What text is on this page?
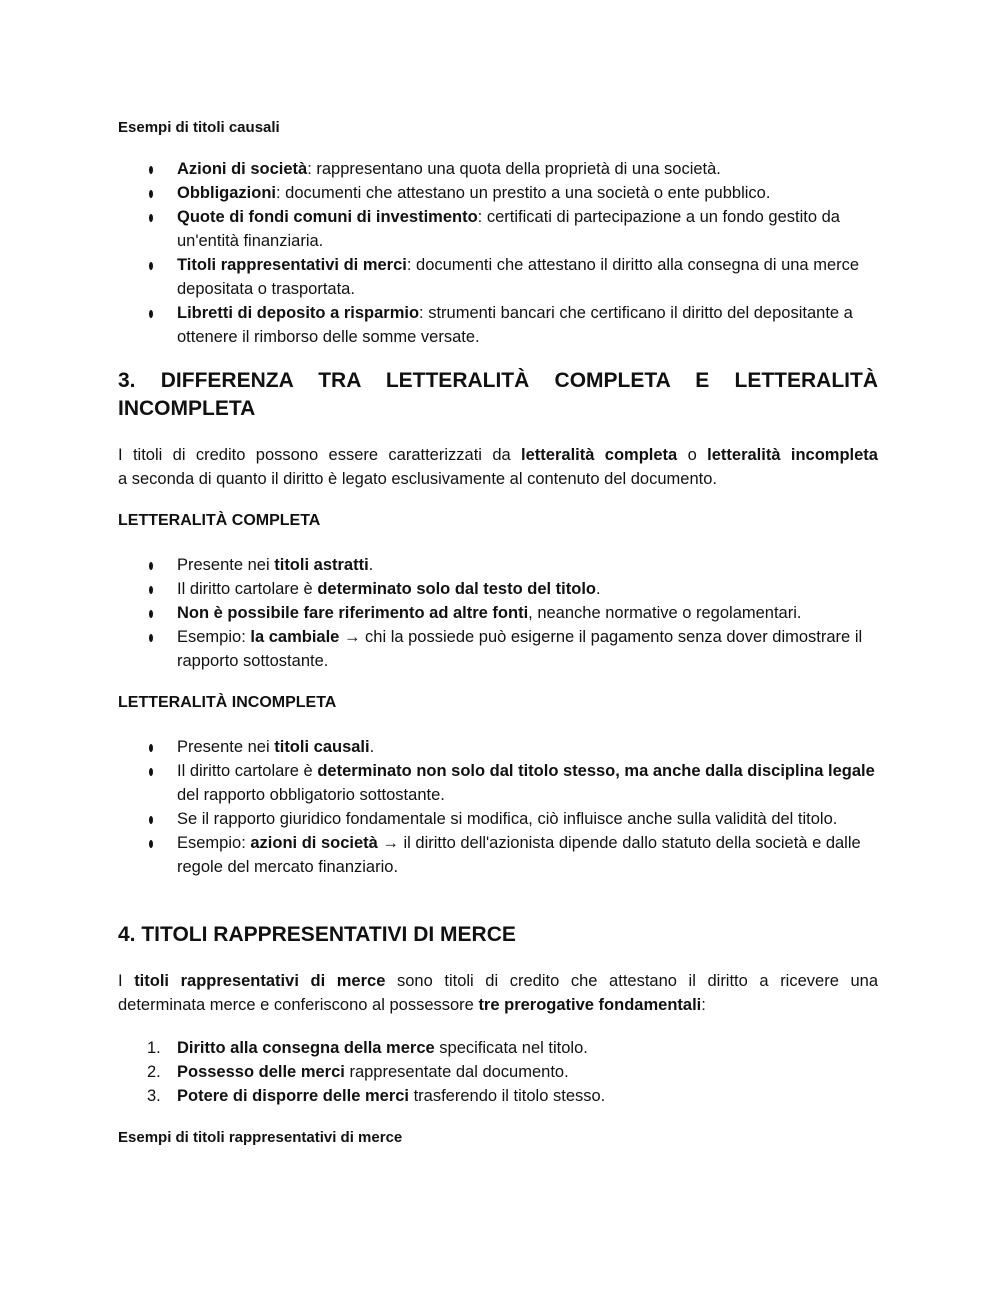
Esempi di titoli causali
Azioni di società: rappresentano una quota della proprietà di una società.
Obbligazioni: documenti che attestano un prestito a una società o ente pubblico.
Quote di fondi comuni di investimento: certificati di partecipazione a un fondo gestito da un'entità finanziaria.
Titoli rappresentativi di merci: documenti che attestano il diritto alla consegna di una merce depositata o trasportata.
Libretti di deposito a risparmio: strumenti bancari che certificano il diritto del depositante a ottenere il rimborso delle somme versate.
3. DIFFERENZA TRA LETTERALITÀ COMPLETA E LETTERALITÀ
INCOMPLETA
I titoli di credito possono essere caratterizzati da letteralità completa o letteralità incompleta
a seconda di quanto il diritto è legato esclusivamente al contenuto del documento.
LETTERALITÀ COMPLETA
Presente nei titoli astratti.
Il diritto cartolare è determinato solo dal testo del titolo.
Non è possibile fare riferimento ad altre fonti, neanche normative o regolamentari.
Esempio: la cambiale → chi la possiede può esigerne il pagamento senza dover dimostrare il rapporto sottostante.
LETTERALITÀ INCOMPLETA
Presente nei titoli causali.
Il diritto cartolare è determinato non solo dal titolo stesso, ma anche dalla disciplina legale del rapporto obbligatorio sottostante.
Se il rapporto giuridico fondamentale si modifica, ciò influisce anche sulla validità del titolo.
Esempio: azioni di società → il diritto dell'azionista dipende dallo statuto della società e dalle regole del mercato finanziario.
4. TITOLI RAPPRESENTATIVI DI MERCE
I titoli rappresentativi di merce sono titoli di credito che attestano il diritto a ricevere una
determinata merce e conferiscono al possessore tre prerogative fondamentali:
1. Diritto alla consegna della merce specificata nel titolo.
2. Possesso delle merci rappresentate dal documento.
3. Potere di disporre delle merci trasferendo il titolo stesso.
Esempi di titoli rappresentativi di merce
